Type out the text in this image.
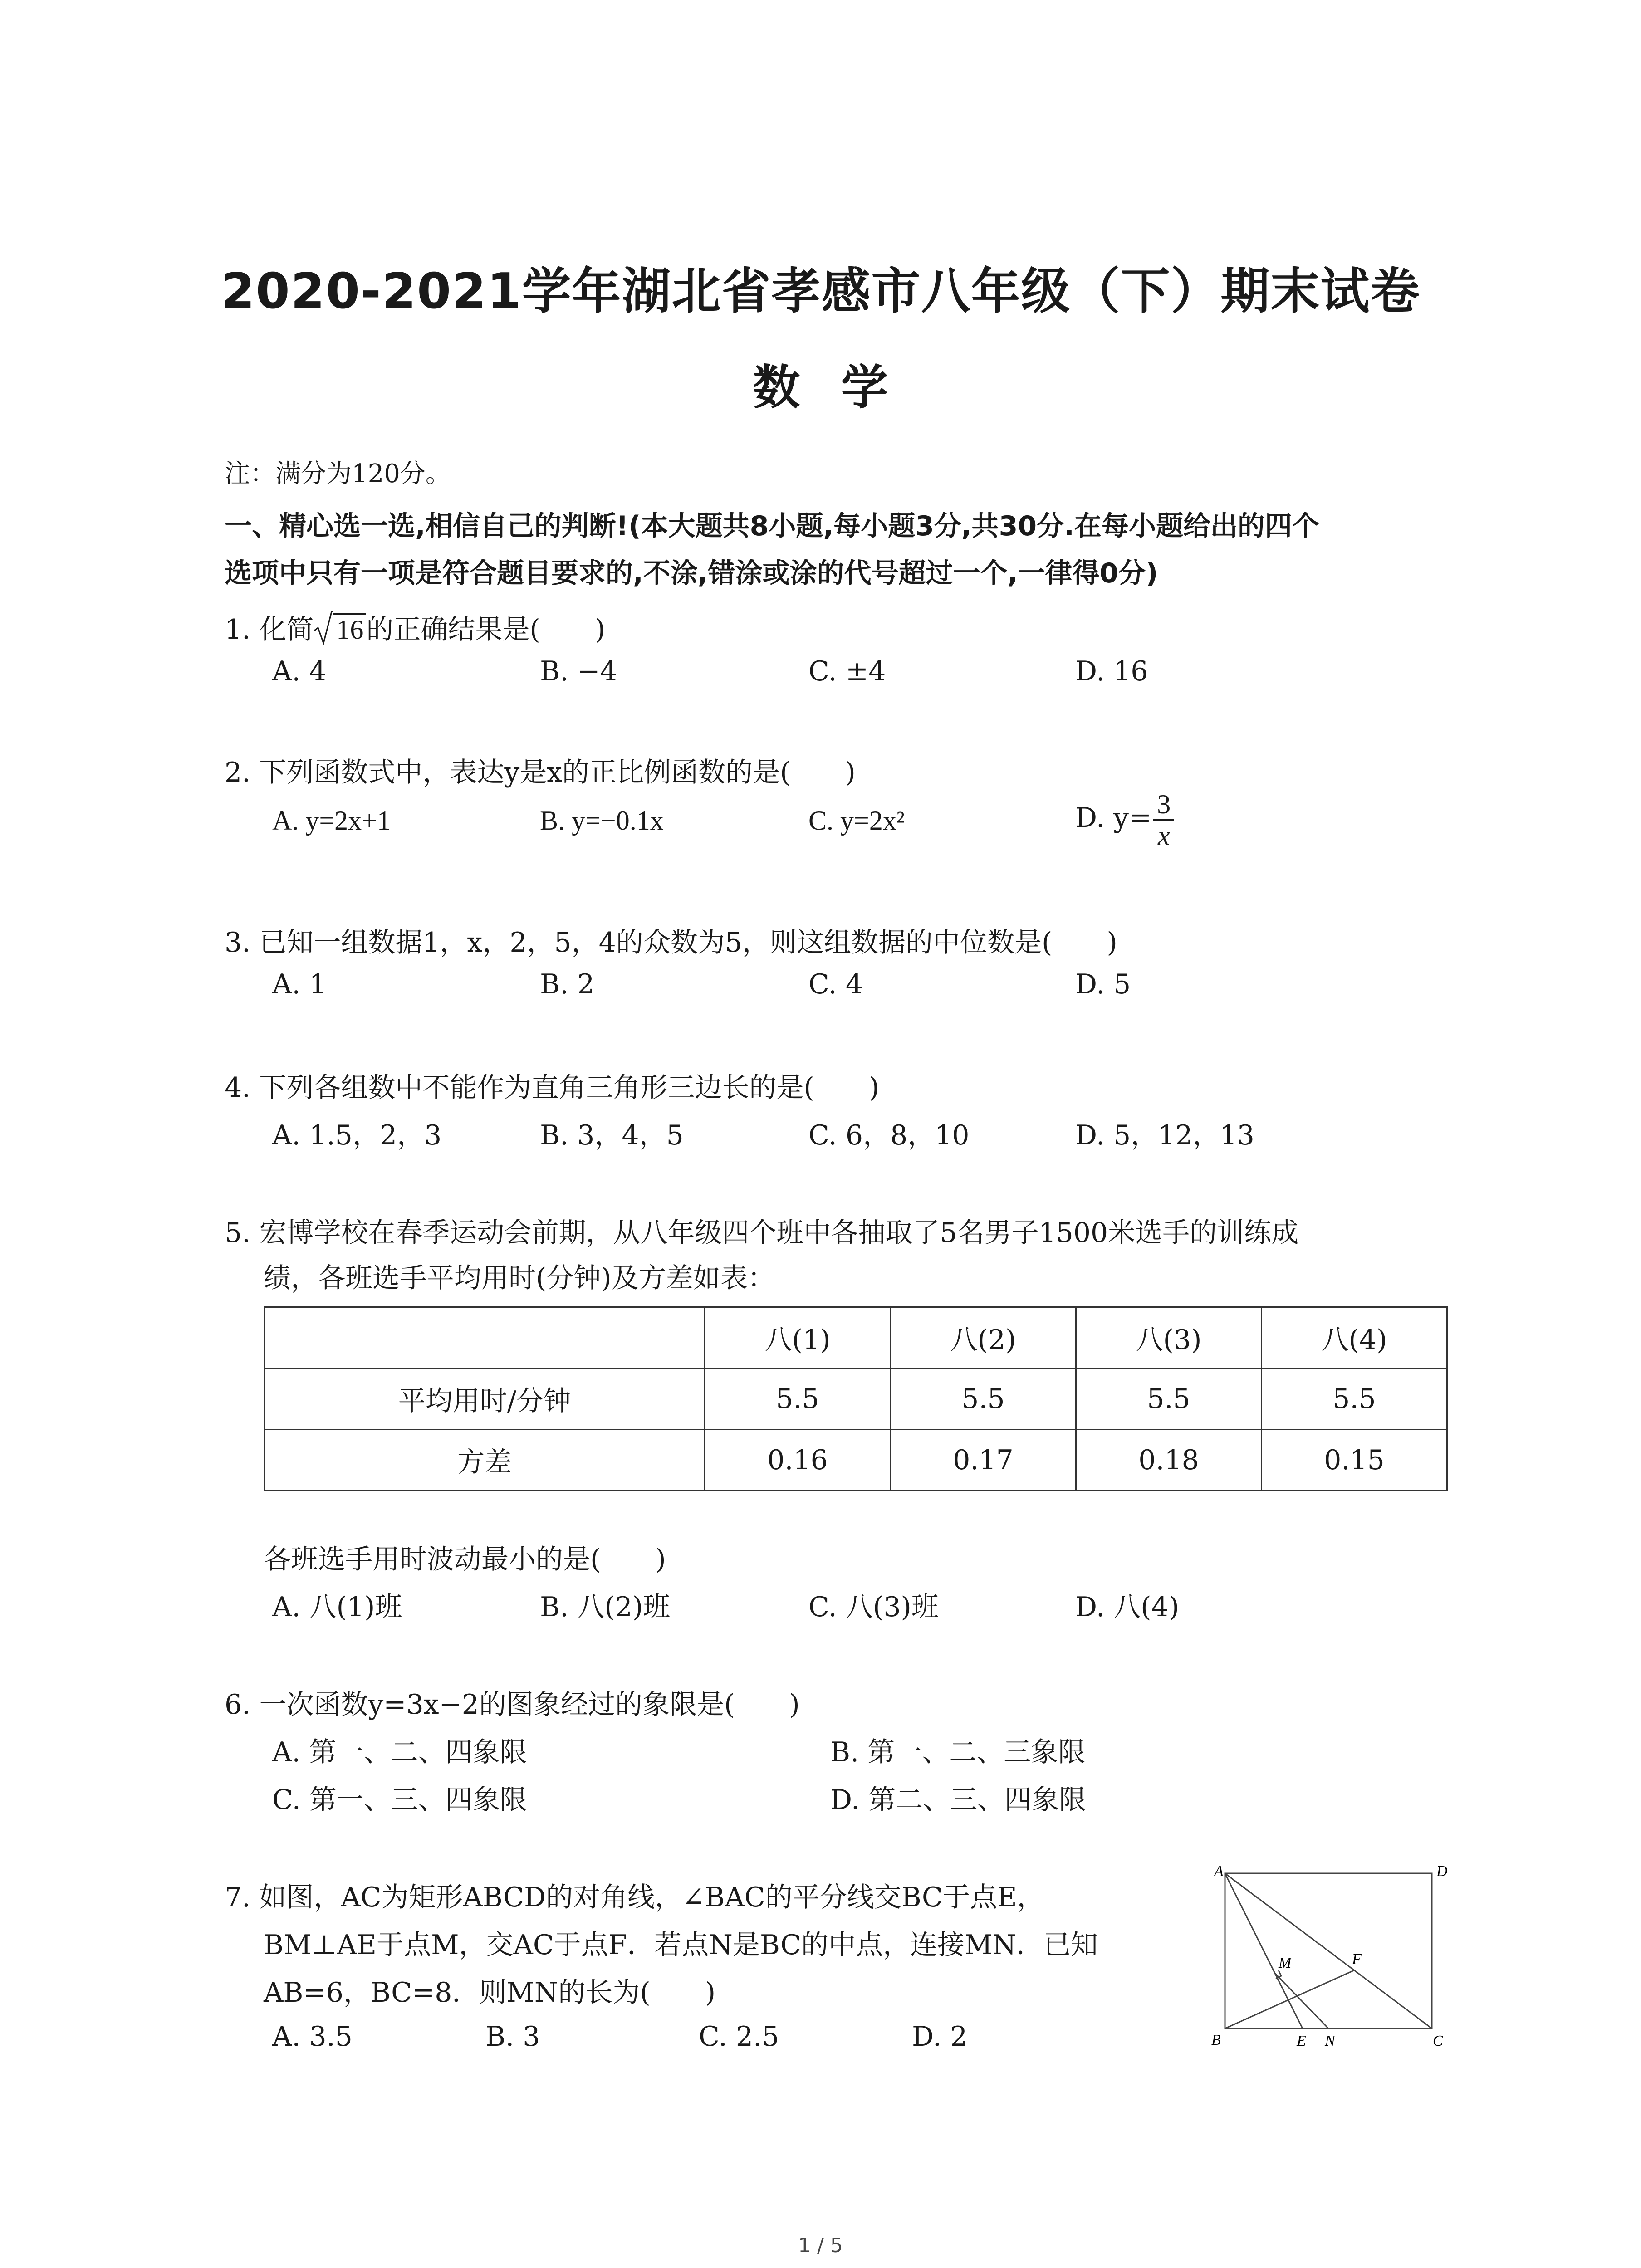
2020-2021学年湖北省孝感市八年级（下）期末试卷
数学
注：满分为120分。
一、精心选一选,相信自己的判断!(本大题共8小题,每小题3分,共30分.在每小题给出的四个
选项中只有一项是符合题目要求的,不涂,错涂或涂的代号超过一个,一律得0分)
1. 化简 16 的正确结果是(　　)
A. 4	B. −4	C. ±4	D. 16
2. 下列函数式中，表达y是x的正比例函数的是(　　)
A. y=2x+1	B. y=−0.1x	C. y=2x²	D. $y= \frac{3}{x}$
3. 已知一组数据1，x，2，5，4的众数为5，则这组数据的中位数是(　　)
A. 1	B. 2	C. 4	D. 5
4. 下列各组数中不能作为直角三角形三边长的是(　　)
A. 1.5，2，3	B. 3，4，5	C. 6，8，10	D. 5，12，13
5. 宏博学校在春季运动会前期，从八年级四个班中各抽取了5名男子1500米选手的训练成
绩，各班选手平均用时(分钟)及方差如表：
	八(1)	八(2)	八(3)	八(4)
平均用时/分钟	5.5	5.5	5.5	5.5
方差	0.16	0.17	0.18	0.15
各班选手用时波动最小的是(　　)
A. 八(1)班	B. 八(2)班	C. 八(3)班	D. 八(4)
6. 一次函数y=3x−2的图象经过的象限是(　　)
A. 第一、二、四象限	B. 第一、二、三象限
C. 第一、三、四象限	D. 第二、三、四象限
7. 如图，AC为矩形ABCD的对角线，∠BAC的平分线交BC于点E，
BM⊥AE于点M，交AC于点F．若点N是BC的中点，连接MN．已知
AB=6，BC=8．则MN的长为(　　)
A. 3.5	B. 3	C. 2.5	D. 2
A	D
B	C
E N
F
M
1 / 5
